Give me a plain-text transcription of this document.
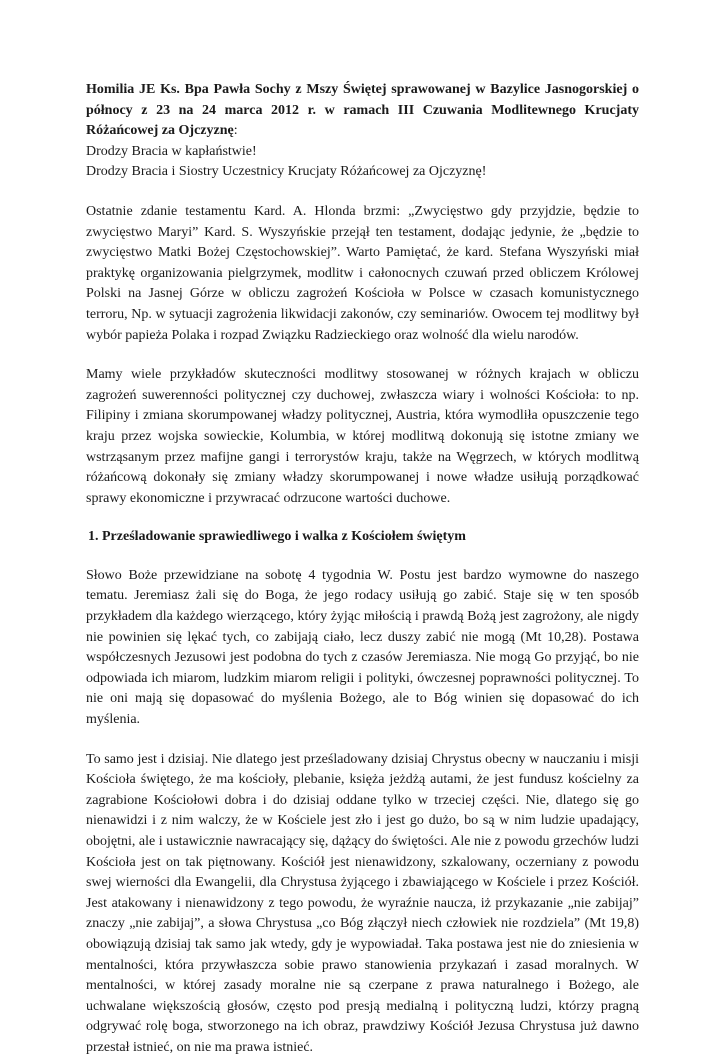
Homilia JE Ks. Bpa Pawła Sochy z Mszy Świętej sprawowanej w Bazylice Jasnogorskiej o północy z 23 na 24 marca 2012 r. w ramach III Czuwania Modlitewnego Krucjaty Różańcowej za Ojczyznę:
Drodzy Bracia w kapłaństwie!
Drodzy Bracia i Siostry Uczestnicy Krucjaty Różańcowej za Ojczyznę!

Ostatnie zdanie testamentu Kard. A. Hlonda brzmi: „Zwycięstwo gdy przyjdzie, będzie to zwycięstwo Maryi” Kard. S. Wyszyńskie przejął ten testament, dodając jedynie, że „będzie to zwycięstwo Matki Bożej Częstochowskiej”. Warto Pamiętać, że kard. Stefana Wyszyński miał praktykę organizowania pielgrzymek, modlitw i całonocnych czuwań przed obliczem Królowej Polski na Jasnej Górze w obliczu zagrożeń Kościoła w Polsce w czasach komunistycznego terroru, Np. w sytuacji zagrożenia likwidacji zakonów, czy seminariów. Owocem tej modlitwy był wybór papieża Polaka i rozpad Związku Radzieckiego oraz wolność dla wielu narodów.

Mamy wiele przykładów skuteczności modlitwy stosowanej w różnych krajach w obliczu zagrożeń suwerenności politycznej czy duchowej, zwłaszcza wiary i wolności Kościoła: to np. Filipiny i zmiana skorumpowanej władzy politycznej, Austria, która wymodliła opuszczenie tego kraju przez wojska sowieckie, Kolumbia, w której modlitwą dokonują się istotne zmiany we wstrząsanym przez mafijne gangi i terrorystów kraju, także na Węgrzech, w których modlitwą różańcową dokonały się zmiany władzy skorumpowanej i nowe władze usiłują porządkować sprawy ekonomiczne i przywracać odrzucone wartości duchowe.

1. Prześladowanie sprawiedliwego i walka z Kościołem świętym

Słowo Boże przewidziane na sobotę 4 tygodnia W. Postu jest bardzo wymowne do naszego tematu. Jeremiasz żali się do Boga, że jego rodacy usiłują go zabić. Staje się w ten sposób przykładem dla każdego wierzącego, który żyjąc miłością i prawdą Bożą jest zagrożony, ale nigdy nie powinien się lękać tych, co zabijają ciało, lecz duszy zabić nie mogą (Mt 10,28). Postawa współczesnych Jezusowi jest podobna do tych z czasów Jeremiasza. Nie mogą Go przyjąć, bo nie odpowiada ich miarom, ludzkim miarom religii i polityki, ówczesnej poprawności politycznej. To nie oni mają się dopasować do myślenia Bożego, ale to Bóg winien się dopasować do ich myślenia.

To samo jest i dzisiaj. Nie dlatego jest prześladowany dzisiaj Chrystus obecny w nauczaniu i misji Kościoła świętego, że ma kościoły, plebanie, księża jeżdżą autami, że jest fundusz kościelny za zagrabione Kościołowi dobra i do dzisiaj oddane tylko w trzeciej części. Nie, dlatego się go nienawidzi i z nim walczy, że w Kościele jest zło i jest go dużo, bo są w nim ludzie upadający, obojętni, ale i ustawicznie nawracający się, dążący do świętości. Ale nie z powodu grzechów ludzi Kościoła jest on tak piętnowany. Kościół jest nienawidzony, szkalowany, oczerniany z powodu swej wierności dla Ewangelii, dla Chrystusa żyjącego i zbawiającego w Kościele i przez Kościół. Jest atakowany i nienawidzony z tego powodu, że wyraźnie naucza, iż przykazanie „nie zabijaj” znaczy „nie zabijaj”, a słowa Chrystusa „co Bóg złączył niech człowiek nie rozdziela” (Mt 19,8) obowiązują dzisiaj tak samo jak wtedy, gdy je wypowiadał. Taka postawa jest nie do zniesienia w mentalności, która przywłaszcza sobie prawo stanowienia przykazań i zasad moralnych. W mentalności, w której zasady moralne nie są czerpane z prawa naturalnego i Bożego, ale uchwalane większością głosów, często pod presją medialną i polityczną ludzi, którzy pragną odgrywać rolę boga, stworzonego na ich obraz, prawdziwy Kościół Jezusa Chrystusa już dawno przestał istnieć, on nie ma prawa istnieć.
